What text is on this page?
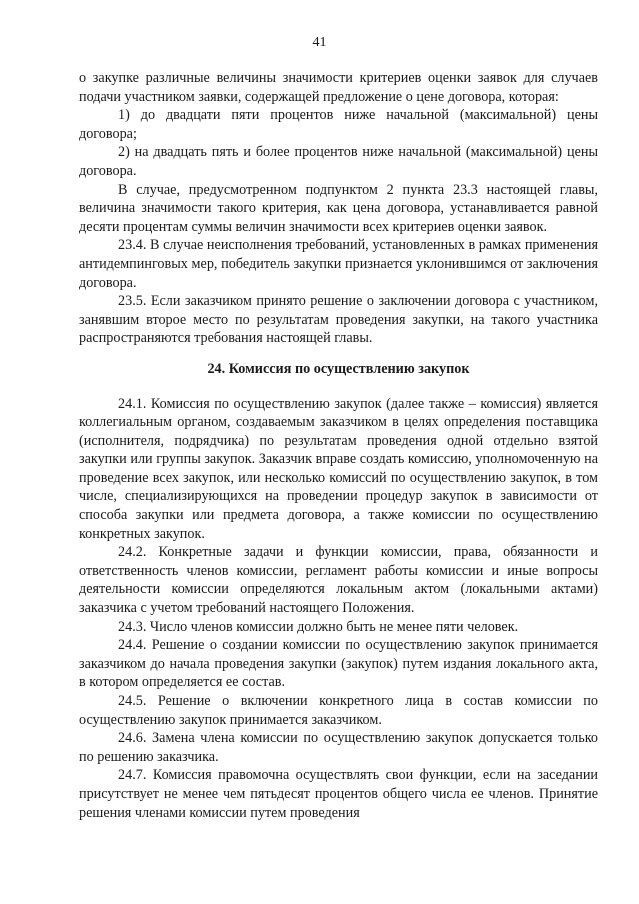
41

о закупке различные величины значимости критериев оценки заявок для случаев подачи участником заявки, содержащей предложение о цене договора, которая:

1) до двадцати пяти процентов ниже начальной (максимальной) цены договора;

2) на двадцать пять и более процентов ниже начальной (максимальной) цены договора.

В случае, предусмотренном подпунктом 2 пункта 23.3 настоящей главы, величина значимости такого критерия, как цена договора, устанавливается равной десяти процентам суммы величин значимости всех критериев оценки заявок.

23.4. В случае неисполнения требований, установленных в рамках применения антидемпинговых мер, победитель закупки признается уклонившимся от заключения договора.

23.5. Если заказчиком принято решение о заключении договора с участником, занявшим второе место по результатам проведения закупки, на такого участника распространяются требования настоящей главы.

24. Комиссия по осуществлению закупок

24.1. Комиссия по осуществлению закупок (далее также – комиссия) является коллегиальным органом, создаваемым заказчиком в целях определения поставщика (исполнителя, подрядчика) по результатам проведения одной отдельно взятой закупки или группы закупок. Заказчик вправе создать комиссию, уполномоченную на проведение всех закупок, или несколько комиссий по осуществлению закупок, в том числе, специализирующихся на проведении процедур закупок в зависимости от способа закупки или предмета договора, а также комиссии по осуществлению конкретных закупок.

24.2. Конкретные задачи и функции комиссии, права, обязанности и ответственность членов комиссии, регламент работы комиссии и иные вопросы деятельности комиссии определяются локальным актом (локальными актами) заказчика с учетом требований настоящего Положения.

24.3. Число членов комиссии должно быть не менее пяти человек.

24.4. Решение о создании комиссии по осуществлению закупок принимается заказчиком до начала проведения закупки (закупок) путем издания локального акта, в котором определяется ее состав.

24.5. Решение о включении конкретного лица в состав комиссии по осуществлению закупок принимается заказчиком.

24.6. Замена члена комиссии по осуществлению закупок допускается только по решению заказчика.

24.7. Комиссия правомочна осуществлять свои функции, если на заседании присутствует не менее чем пятьдесят процентов общего числа ее членов. Принятие решения членами комиссии путем проведения
